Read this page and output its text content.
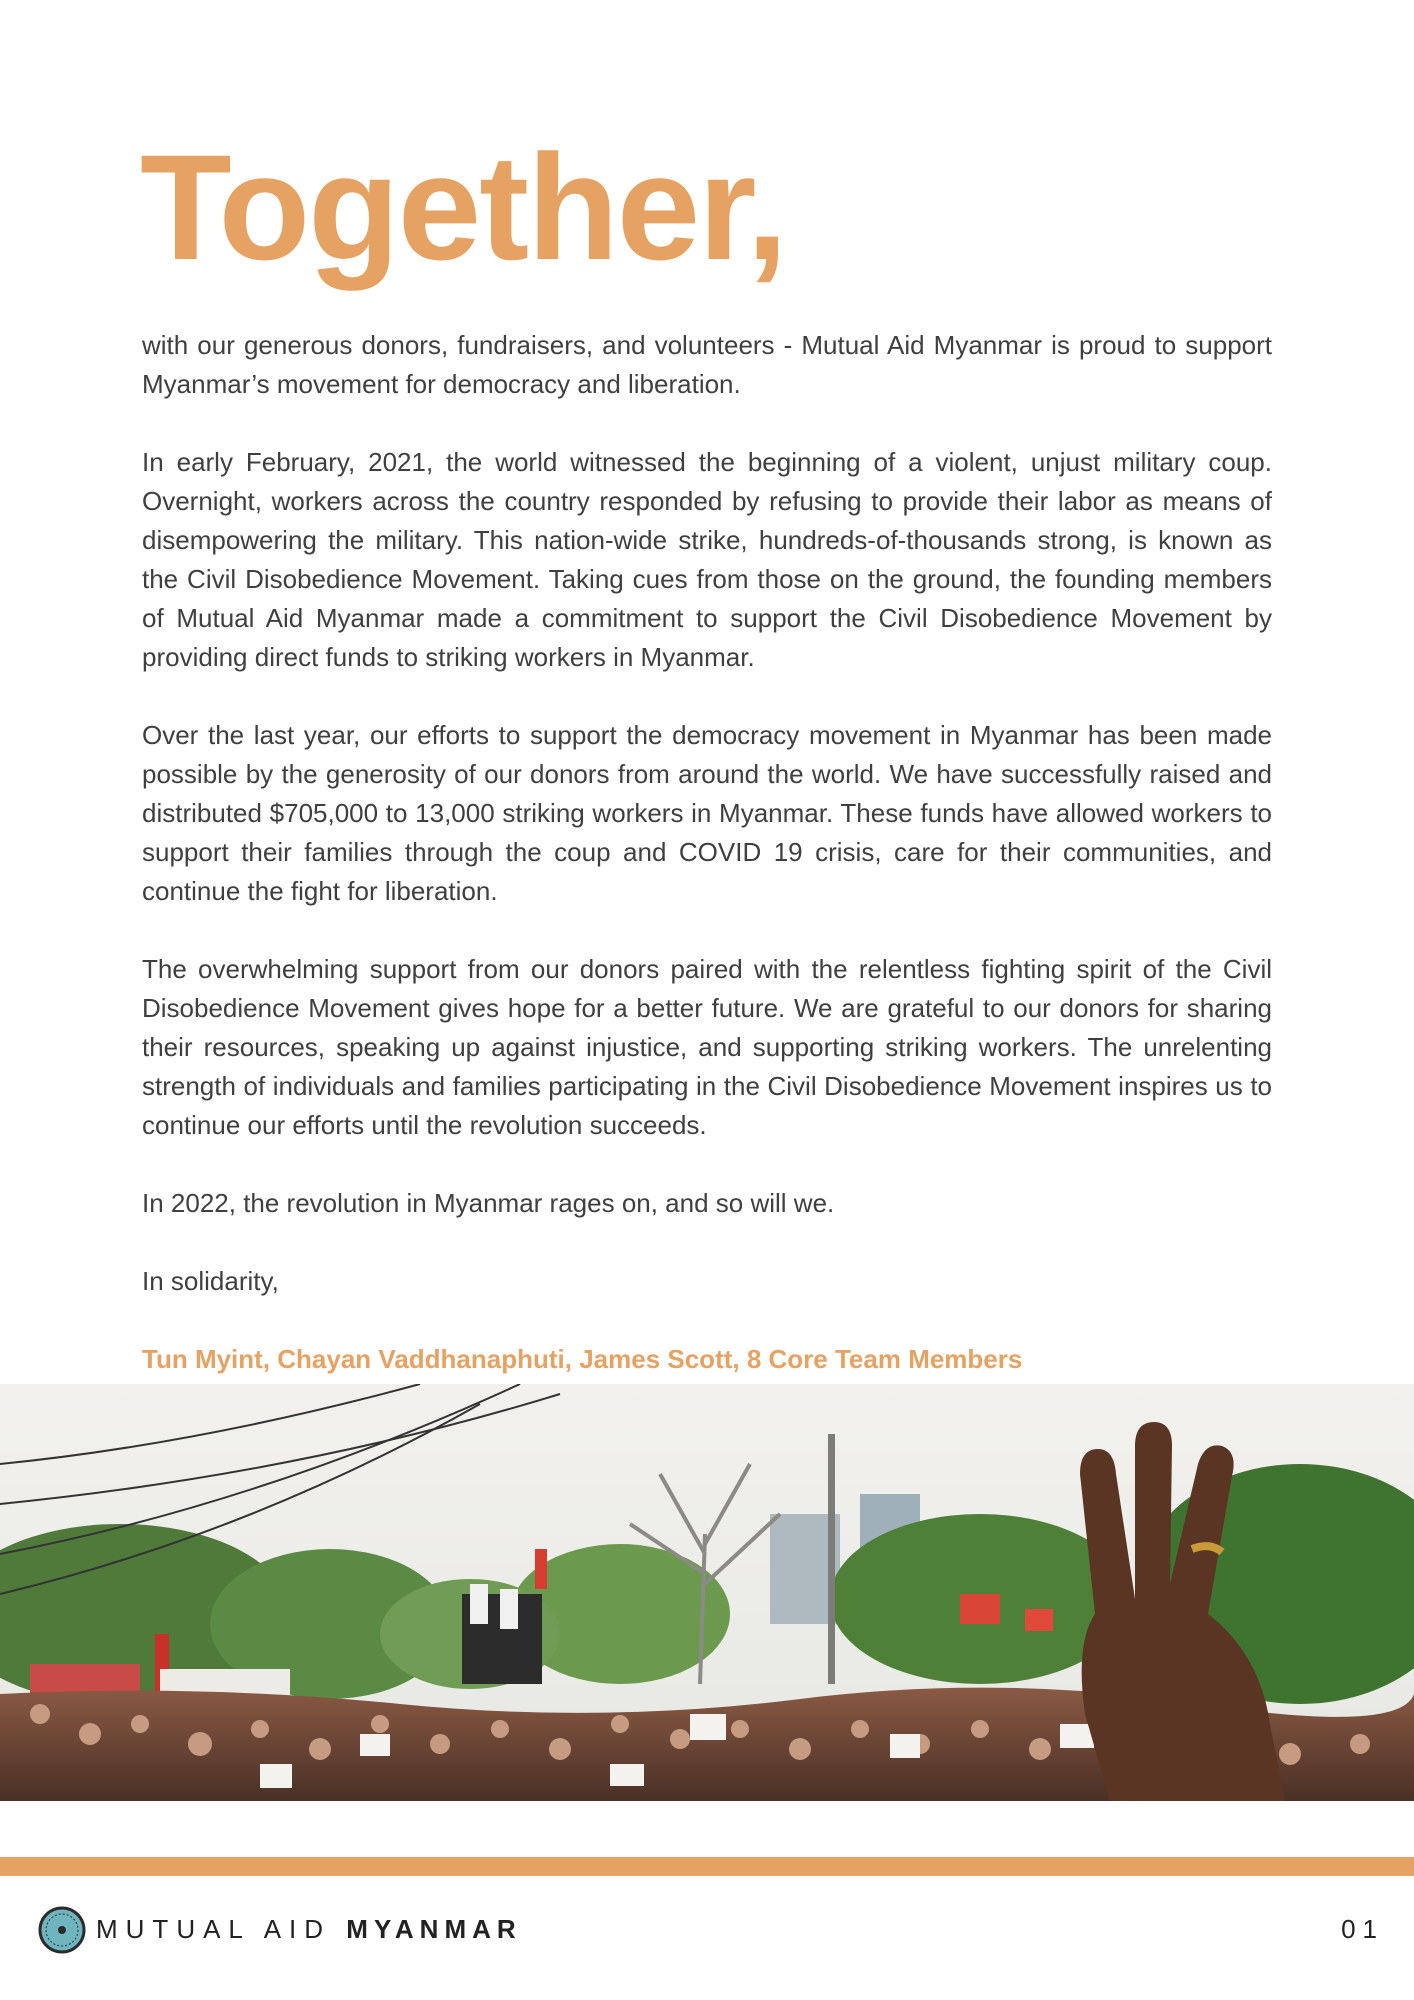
Together,

with our generous donors, fundraisers, and volunteers - Mutual Aid Myanmar is proud to support Myanmar’s movement for democracy and liberation.

In early February, 2021, the world witnessed the beginning of a violent, unjust military coup. Overnight, workers across the country responded by refusing to provide their labor as means of disempowering the military. This nation-wide strike, hundreds-of-thousands strong, is known as the Civil Disobedience Movement. Taking cues from those on the ground, the founding members of Mutual Aid Myanmar made a commitment to support the Civil Disobedience Movement by providing direct funds to striking workers in Myanmar.

Over the last year, our efforts to support the democracy movement in Myanmar has been made possible by the generosity of our donors from around the world. We have successfully raised and distributed $705,000 to 13,000 striking workers in Myanmar. These funds have allowed workers to support their families through the coup and COVID 19 crisis, care for their communities, and continue the fight for liberation.

The overwhelming support from our donors paired with the relentless fighting spirit of the Civil Disobedience Movement gives hope for a better future. We are grateful to our donors for sharing their resources, speaking up against injustice, and supporting striking workers. The unrelenting strength of individuals and families participating in the Civil Disobedience Movement inspires us to continue our efforts until the revolution succeeds.

In 2022, the revolution in Myanmar rages on, and so will we.

In solidarity,

Tun Myint, Chayan Vaddhanaphuti, James Scott, 8 Core Team Members

MUTUAL AID MYANMAR	01
